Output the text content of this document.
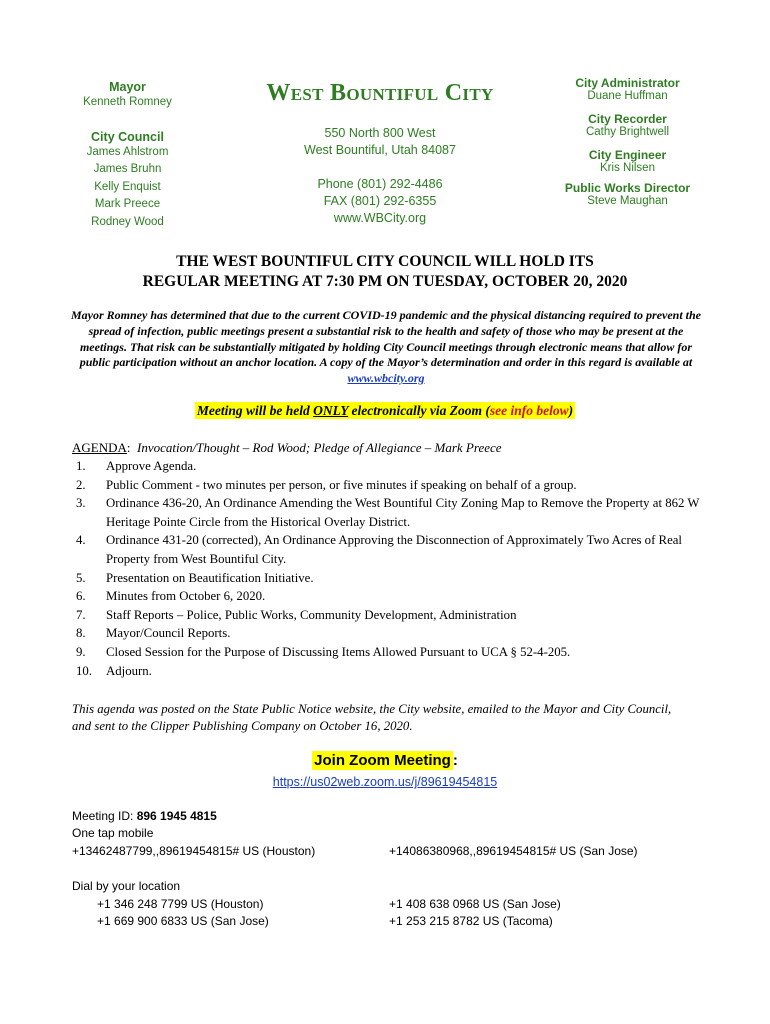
Mayor
Kenneth Romney
City Council
James Ahlstrom
James Bruhn
Kelly Enquist
Mark Preece
Rodney Wood
West Bountiful City
550 North 800 West
West Bountiful, Utah 84087
Phone (801) 292-4486
FAX (801) 292-6355
www.WBCity.org
City Administrator
Duane Huffman
City Recorder
Cathy Brightwell
City Engineer
Kris Nilsen
Public Works Director
Steve Maughan
THE WEST BOUNTIFUL CITY COUNCIL WILL HOLD ITS
REGULAR MEETING AT 7:30 PM ON TUESDAY, OCTOBER 20, 2020
Mayor Romney has determined that due to the current COVID-19 pandemic and the physical distancing required to prevent the spread of infection, public meetings present a substantial risk to the health and safety of those who may be present at the meetings. That risk can be substantially mitigated by holding City Council meetings through electronic means that allow for public participation without an anchor location. A copy of the Mayor’s determination and order in this regard is available at www.wbcity.org
Meeting will be held ONLY electronically via Zoom (see info below)
AGENDA:  Invocation/Thought – Rod Wood; Pledge of Allegiance – Mark Preece
1.	Approve Agenda.
2.	Public Comment - two minutes per person, or five minutes if speaking on behalf of a group.
3.	Ordinance 436-20, An Ordinance Amending the West Bountiful City Zoning Map to Remove the Property at 862 W Heritage Pointe Circle from the Historical Overlay District.
4.	Ordinance 431-20 (corrected), An Ordinance Approving the Disconnection of Approximately Two Acres of Real Property from West Bountiful City.
5.	Presentation on Beautification Initiative.
6.	Minutes from October 6, 2020.
7.	Staff Reports – Police, Public Works, Community Development, Administration
8.	Mayor/Council Reports.
9.	Closed Session for the Purpose of Discussing Items Allowed Pursuant to UCA § 52-4-205.
10.	Adjourn.
This agenda was posted on the State Public Notice website, the City website, emailed to the Mayor and City Council, and sent to the Clipper Publishing Company on October 16, 2020.
Join Zoom Meeting :
https://us02web.zoom.us/j/89619454815
Meeting ID: 896 1945 4815
One tap mobile
+13462487799,,89619454815# US (Houston)	+14086380968,,89619454815# US (San Jose)
Dial by your location
+1 346 248 7799 US (Houston)	+1 408 638 0968 US (San Jose)
+1 669 900 6833 US (San Jose)	+1 253 215 8782 US (Tacoma)
